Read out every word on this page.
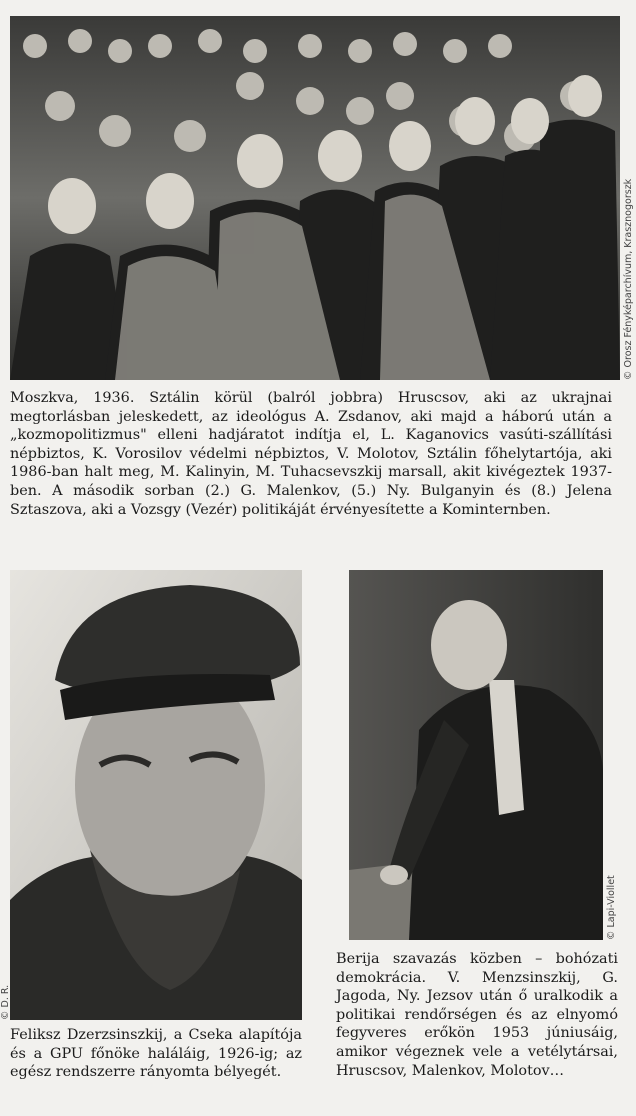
© Orosz Fényképarchívum, Krasznogorszk

Moszkva, 1936. Sztálin körül (balról jobbra) Hruscsov, aki az ukrajnai megtorlásban jeleskedett, az ideológus A. Zsdanov, aki majd a háború után a „kozmopolitizmus" elleni hadjáratot indítja el, L. Kaganovics vasúti-szállítási népbiztos, K. Vorosilov védelmi népbiztos, V. Molotov, Sztálin főhelytartója, aki 1986-ban halt meg, M. Kalinyin, M. Tuhacsevszkij marsall, akit kivégeztek 1937-ben. A második sorban (2.) G. Malenkov, (5.) Ny. Bulganyin és (8.) Jelena Sztaszova, aki a Vozsgy (Vezér) politikáját érvényesítette a Kominternben.

© D. R.

Feliksz Dzerzsinszkij, a Cseka alapítója és a GPU főnöke haláláig, 1926-ig; az egész rendszerre rányomta bélyegét.

© Lapi-Viollet

Berija szavazás közben – bohózati demokrácia. V. Menzsinszkij, G. Jagoda, Ny. Jezsov után ő uralkodik a politikai rendőrségen és az elnyomó fegyveres erőkön 1953 júniusáig, amikor végeznek vele a vetélytársai, Hruscsov, Malenkov, Molotov…
